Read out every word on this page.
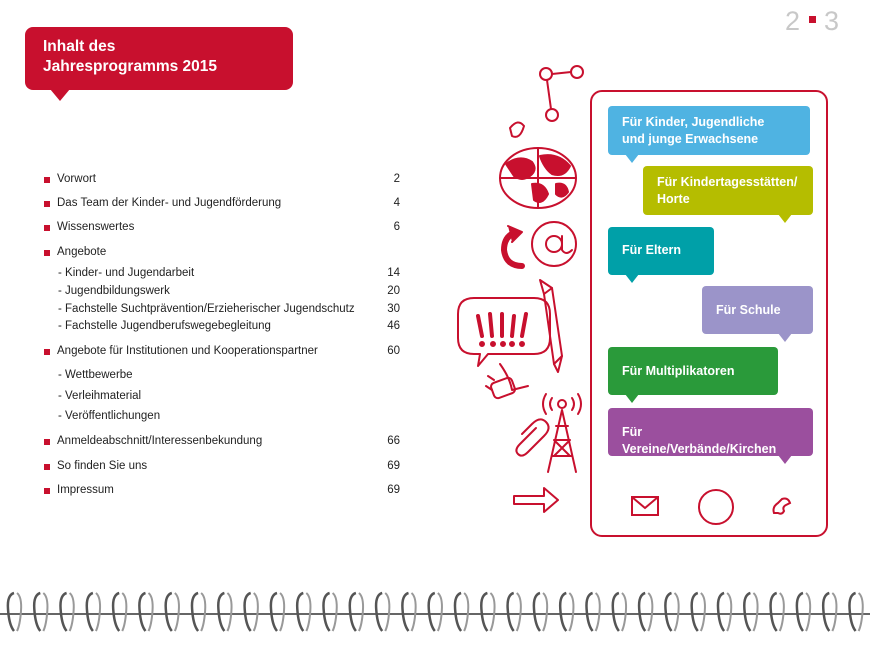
2 3
Inhalt des
Jahresprogramms 2015
Vorwort	2
Das Team der Kinder- und Jugendförderung	4
Wissenswertes	6
Angebote
- Kinder- und Jugendarbeit	14
- Jugendbildungswerk	20
- Fachstelle Suchtprävention/Erzieherischer Jugendschutz	30
- Fachstelle Jugendberufswegebegleitung	46
Angebote für Institutionen und Kooperationspartner	60
- Wettbewerbe
- Verleihmaterial
- Veröffentlichungen
Anmeldeabschnitt/Interessenbekundung	66
So finden Sie uns	69
Impressum	69
Für Kinder, Jugendliche
und junge Erwachsene
Für Kindertagesstätten/
Horte
Für Eltern
Für Schule
Für Multiplikatoren
Für Vereine/Verbände/Kirchen
